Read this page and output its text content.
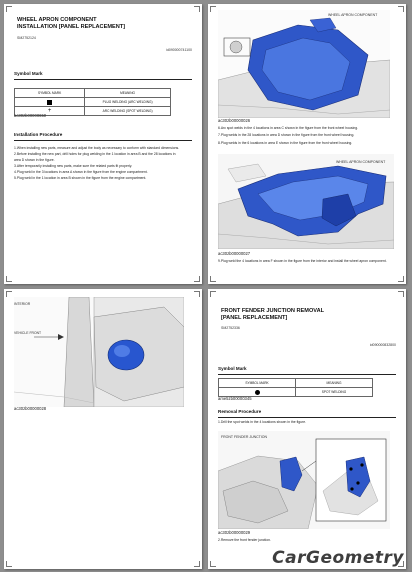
WHEEL APRON COMPONENT
INSTALLATION [PANEL REPLACEMENT]
SM2752124
id090000741100
Symbol Mark
SYMBOL MARK	MEANING
	PLUG WELDING (ARC WELDING)
+	ARC WELDING (SPOT WELDING)
ac30zb00000650
Installation Procedure

1.When installing new parts, measure and adjust the body as necessary to conform with standard dimensions.

2.Before installing the new part, drill holes for plug welding in the 1 location in area B and the 28 locations in area D shown in the figure.

3.After temporarily installing new parts, make sure the related parts fit properly.

4.Plug weld in the 3 locations in area A shown in the figure from the engine compartment.

5.Plug weld in the 1 location in area B shown in the figure from the engine compartment.

WHEEL APRON COMPONENT
ac30zb00000026

6.Arc spot welds in the 4 locations in area C shown in the figure from the front wheel housing.

7.Plug welds in the 28 locations in area D shown in the figure from the front wheel housing.

8.Plug welds in the 6 locations in area E shown in the figure from the front wheel housing.

WHEEL APRON COMPONENT
ac30zb00000027

9.Plug weld the 4 locations in area F shown in the figure from the interior and install the wheel apron component.

INTERIOR
VEHICLE FRONT
ac30zb00000028
FRONT FENDER JUNCTION REMOVAL
[PANEL REPLACEMENT]
SM2752336
id090000832800
Symbol Mark
SYMBOL MARK	MEANING
	SPOT WELDING
ame5zb00000345
Removal Procedure

1.Drill the spot welds in the 4 locations shown in the figure.

FRONT FENDER JUNCTION
ac30zb00000029

2.Remove the front fender junction.

CarGeometry
